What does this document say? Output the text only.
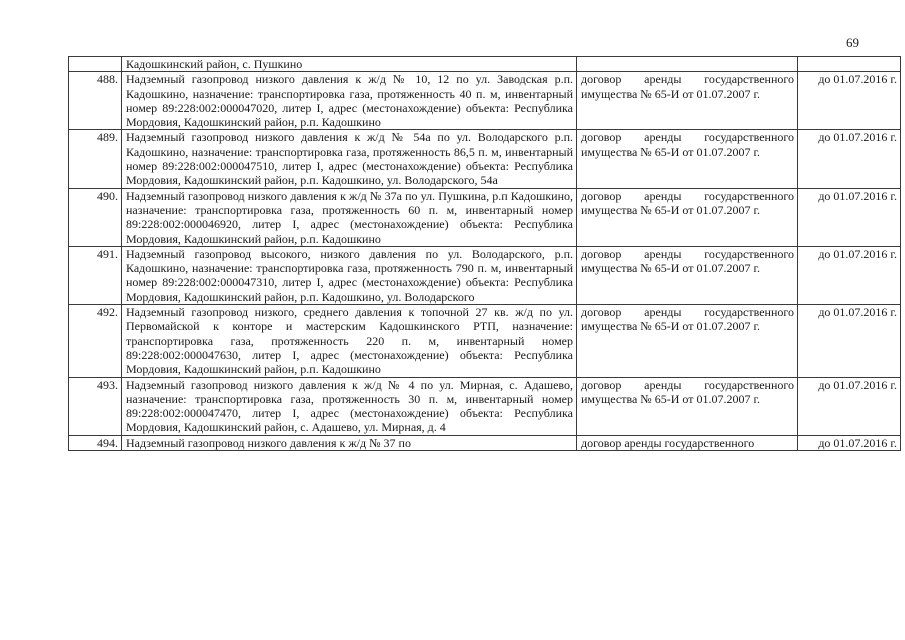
69
	Кадошкинский район, с. Пушкино		
488.	Надземный газопровод низкого давления к ж/д № 10, 12 по ул. Заводская р.п. Кадошкино, назначение: транспортировка газа, протяженность 40 п. м, инвентарный номер 89:228:002:000047020, литер I, адрес (местонахождение) объекта: Республика Мордовия, Кадошкинский район, р.п. Кадошкино	договор аренды государственного имущества № 65-И от 01.07.2007 г.	до 01.07.2016 г.
489.	Надземный газопровод низкого давления к ж/д № 54а по ул. Володарского р.п. Кадошкино, назначение: транспортировка газа, протяженность 86,5 п. м, инвентарный номер 89:228:002:000047510, литер I, адрес (местонахождение) объекта: Республика Мордовия, Кадошкинский район, р.п. Кадошкино, ул. Володарского, 54а	договор аренды государственного имущества № 65-И от 01.07.2007 г.	до 01.07.2016 г.
490.	Надземный газопровод низкого давления к ж/д № 37а по ул. Пушкина, р.п Кадошкино, назначение: транспортировка газа, протяженность 60 п. м, инвентарный номер 89:228:002:000046920, литер I, адрес (местонахождение) объекта: Республика Мордовия, Кадошкинский район, р.п. Кадошкино	договор аренды государственного имущества № 65-И от 01.07.2007 г.	до 01.07.2016 г.
491.	Надземный газопровод высокого, низкого давления по ул. Володарского, р.п. Кадошкино, назначение: транспортировка газа, протяженность 790 п. м, инвентарный номер 89:228:002:000047310, литер I, адрес (местонахождение) объекта: Республика Мордовия, Кадошкинский район, р.п. Кадошкино, ул. Володарского	договор аренды государственного имущества № 65-И от 01.07.2007 г.	до 01.07.2016 г.
492.	Надземный газопровод низкого, среднего давления к топочной 27 кв. ж/д по ул. Первомайской к конторе и мастерским Кадошкинского РТП, назначение: транспортировка газа, протяженность 220 п. м, инвентарный номер 89:228:002:000047630, литер I, адрес (местонахождение) объекта: Республика Мордовия, Кадошкинский район, р.п. Кадошкино	договор аренды государственного имущества № 65-И от 01.07.2007 г.	до 01.07.2016 г.
493.	Надземный газопровод низкого давления к ж/д № 4 по ул. Мирная, с. Адашево, назначение: транспортировка газа, протяженность 30 п. м, инвентарный номер 89:228:002:000047470, литер I, адрес (местонахождение) объекта: Республика Мордовия, Кадошкинский район, с. Адашево, ул. Мирная, д. 4	договор аренды государственного имущества № 65-И от 01.07.2007 г.	до 01.07.2016 г.
494.	Надземный газопровод низкого давления к ж/д № 37 по	договор аренды государственного	до 01.07.2016 г.
